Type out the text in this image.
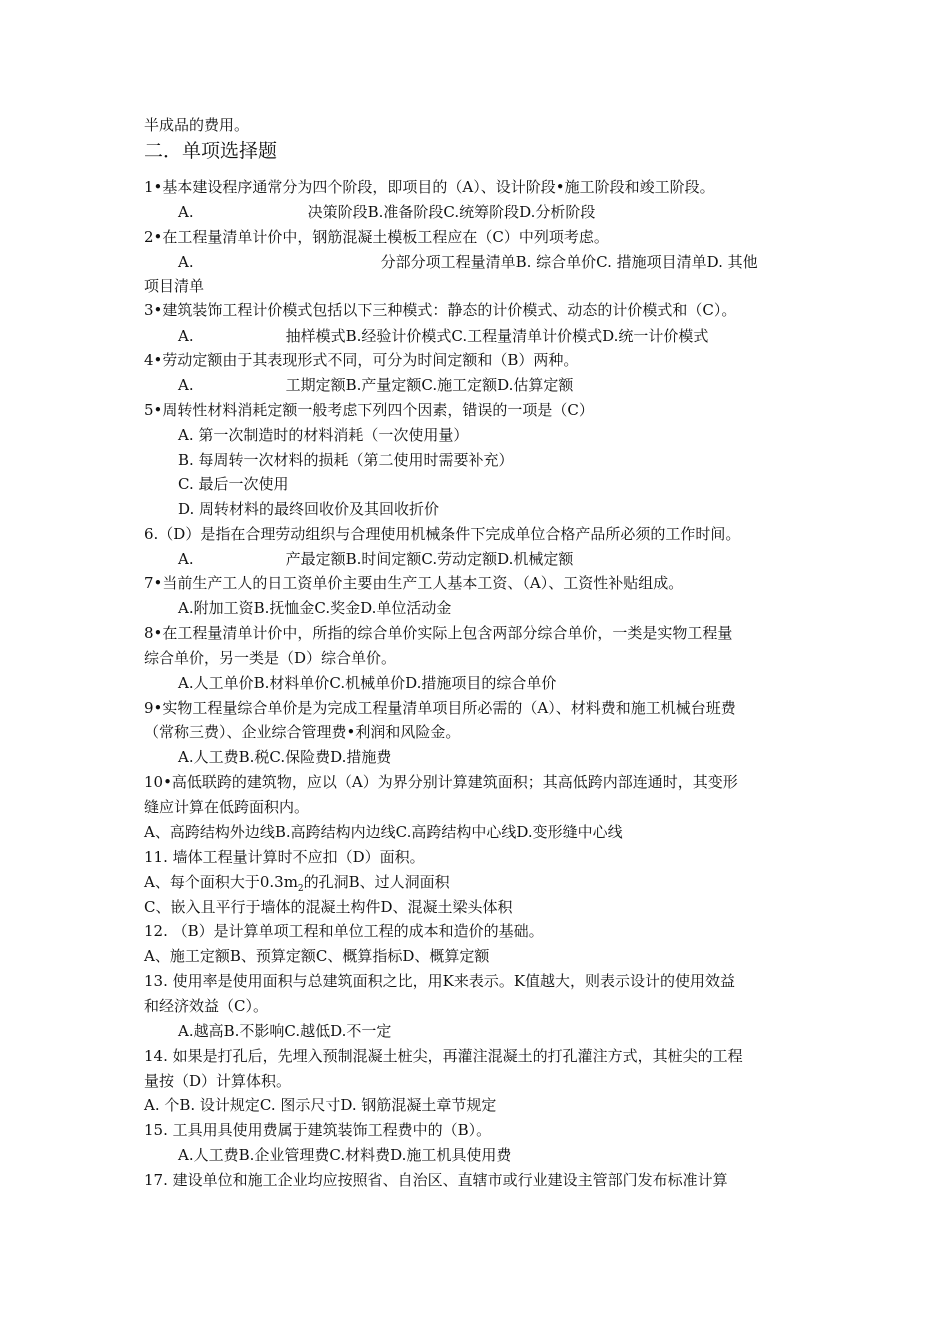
半成品的费用。
二．单项选择题
1•基本建设程序通常分为四个阶段，即项目的（A）、设计阶段•施工阶段和竣工阶段。
A.	决策阶段B.准备阶段C.统筹阶段D.分析阶段
2•在工程量清单计价中，钢筋混凝土模板工程应在（C）中列项考虑。
A.	分部分项工程量清单B. 综合单价C. 措施项目清单D. 其他
项目清单
3•建筑装饰工程计价模式包括以下三种模式：静态的计价模式、动态的计价模式和（C）。
A.	抽样模式B.经验计价模式C.工程量清单计价模式D.统一计价模式
4•劳动定额由于其表现形式不同，可分为时间定额和（B）两种。
A.	工期定额B.产量定额C.施工定额D.估算定额
5•周转性材料消耗定额一般考虑下列四个因素，错误的一项是（C）
A. 第一次制造时的材料消耗（一次使用量）
B. 每周转一次材料的损耗（第二使用时需要补充）
C. 最后一次使用
D. 周转材料的最终回收价及其回收折价
6.（D）是指在合理劳动组织与合理使用机械条件下完成单位合格产品所必须的工作时间。
A.	产最定额B.时间定额C.劳动定额D.机械定额
7•当前生产工人的日工资单价主要由生产工人基本工资、（A）、工资性补贴组成。
A.附加工资B.抚恤金C.奖金D.单位活动金
8•在工程量清单计价中，所指的综合单价实际上包含两部分综合单价，一类是实物工程量
综合单价，另一类是（D）综合单价。
A.人工单价B.材料单价C.机械单价D.措施项目的综合单价
9•实物工程量综合单价是为完成工程量清单项目所必需的（A）、材料费和施工机械台班费
（常称三费）、企业综合管理费•利润和风险金。
A.人工费B.税C.保险费D.措施费
10•高低联跨的建筑物，应以（A）为界分别计算建筑面积；其高低跨内部连通时，其变形
缝应计算在低跨面积内。
A、高跨结构外边线B.高跨结构内边线C.高跨结构中心线D.变形缝中心线
11. 墙体工程量计算时不应扣（D）面积。
A、每个面积大于$0.3m_2$的孔洞B、过人洞面积
C、嵌入且平行于墙体的混凝土构件D、混凝土梁头体积
12. （B）是计算单项工程和单位工程的成本和造价的基础。
A、施工定额B、预算定额C、概算指标D、概算定额
13. 使用率是使用面积与总建筑面积之比，用K来表示。K值越大，则表示设计的使用效益
和经济效益（C）。
A.越高B.不影响C.越低D.不一定
14. 如果是打孔后，先埋入预制混凝土桩尖，再灌注混凝土的打孔灌注方式，其桩尖的工程
量按（D）计算体积。
A. 个B. 设计规定C. 图示尺寸D. 钢筋混凝土章节规定
15. 工具用具使用费属于建筑装饰工程费中的（B）。
A.人工费B.企业管理费C.材料费D.施工机具使用费
17. 建设单位和施工企业均应按照省、自治区、直辖市或行业建设主管部门发布标准计算
